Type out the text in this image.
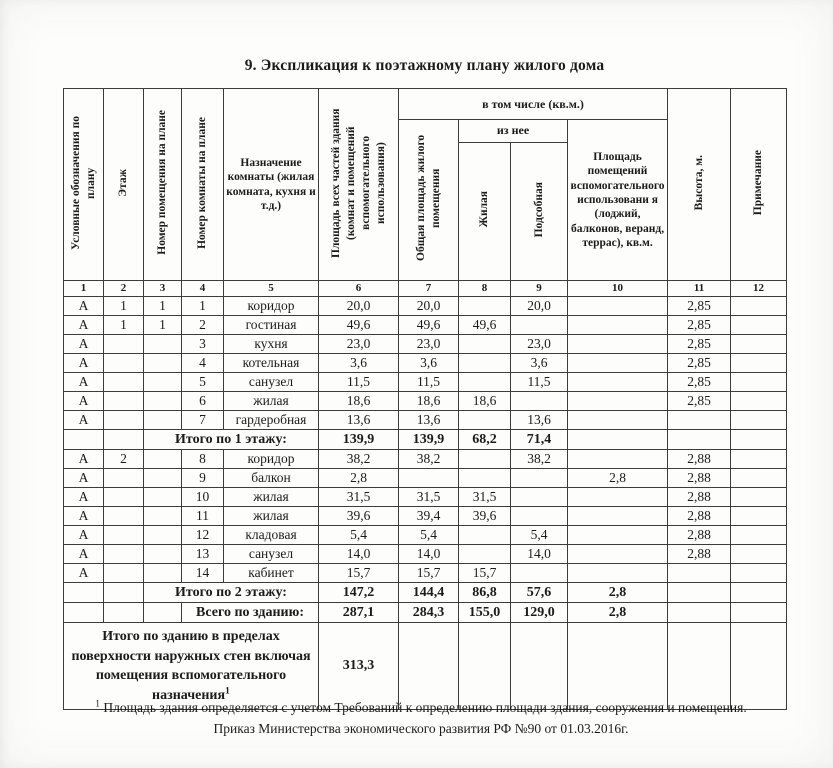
9. Экспликация к поэтажному плану жилого дома
Условные обозначения по плану	Этаж	Номер помещения на плане	Номер комнаты на плане	Назначение комнаты (жилая комната, кухня и т.д.)	Площадь всех частей здания (комнат и помещений вспомогательного использования)	в том числе (кв.м.)				Высота, м.	Примечание
						Общая площадь жилого помещения	из нее		Площадь помещений вспомогательного использовани я (лоджий, балконов, веранд, террас), кв.м.		

							Жилая	Подсобная			
1	2	3	4	5	6	7	8	9	10	11	12
А	1	1	1	коридор	20,0	20,0		20,0		2,85	
А	1	1	2	гостиная	49,6	49,6	49,6			2,85	
А			3	кухня	23,0	23,0		23,0		2,85	
А			4	котельная	3,6	3,6		3,6		2,85	
А			5	санузел	11,5	11,5		11,5		2,85	
А			6	жилая	18,6	18,6	18,6			2,85	
А			7	гардеробная	13,6	13,6		13,6			
		Итого по 1 этажу:			139,9	139,9	68,2	71,4			
А	2		8	коридор	38,2	38,2		38,2		2,88	
А			9	балкон	2,8				2,8	2,88	
А			10	жилая	31,5	31,5	31,5			2,88	
А			11	жилая	39,6	39,4	39,6			2,88	
А			12	кладовая	5,4	5,4		5,4		2,88	
А			13	санузел	14,0	14,0		14,0		2,88	
А			14	кабинет	15,7	15,7	15,7				
		Итого по 2 этажу:			147,2	144,4	86,8	57,6	2,8		
			Всего по зданию:		287,1	284,3	155,0	129,0	2,8		
Итого по зданию в пределах поверхности наружных стен включая помещения вспомогательного назначения$^1$					313,3						
$^1$ Площадь здания определяется с учетом Требований к определению площади здания, сооружения и помещения. Приказ Министерства экономического развития РФ №90 от 01.03.2016г.
